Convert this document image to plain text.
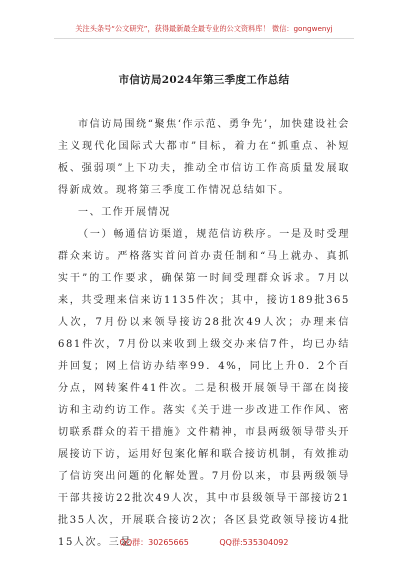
关注头条号“公文研究”，获得最新最全最专业的公文资料库！ 微信：gongwenyj
市信访局2024年第三季度工作总结

市信访局围绕“聚焦‘作示范、勇争先’，加快建设社会主义现代化国际式大都市”目标，着力在“抓重点、补短板、强弱项”上下功夫，推动全市信访工作高质量发展取得新成效。现将第三季度工作情况总结如下。

一、工作开展情况

（一）畅通信访渠道，规范信访秩序。一是及时受理群众来访。严格落实首问首办责任制和“马上就办、真抓实干”的工作要求，确保第一时间受理群众诉求。7月以来，共受理来信来访1135件次；其中，接访189批365人次，7月份以来领导接访28批次49人次；办理来信681件次，7月份以来收到上级交办来信7件，均已办结并回复；网上信访办结率99．4%，同比上升0．2个百分点，网转案件41件次。二是积极开展领导干部在岗接访和主动约访工作。落实《关于进一步改进工作作风、密切联系群众的若干措施》文件精神，市县两级领导带头开展接访下访，运用好包案化解和联合接访机制，有效推动了信访突出问题的化解处置。7月份以来，市县两级领导干部共接访22批次49人次，其中市县级领导干部接访21批35人次，开展联合接访2次；各区县党政领导接访4批15人次。三是

QQ群：30265665	QQ群:535304092
